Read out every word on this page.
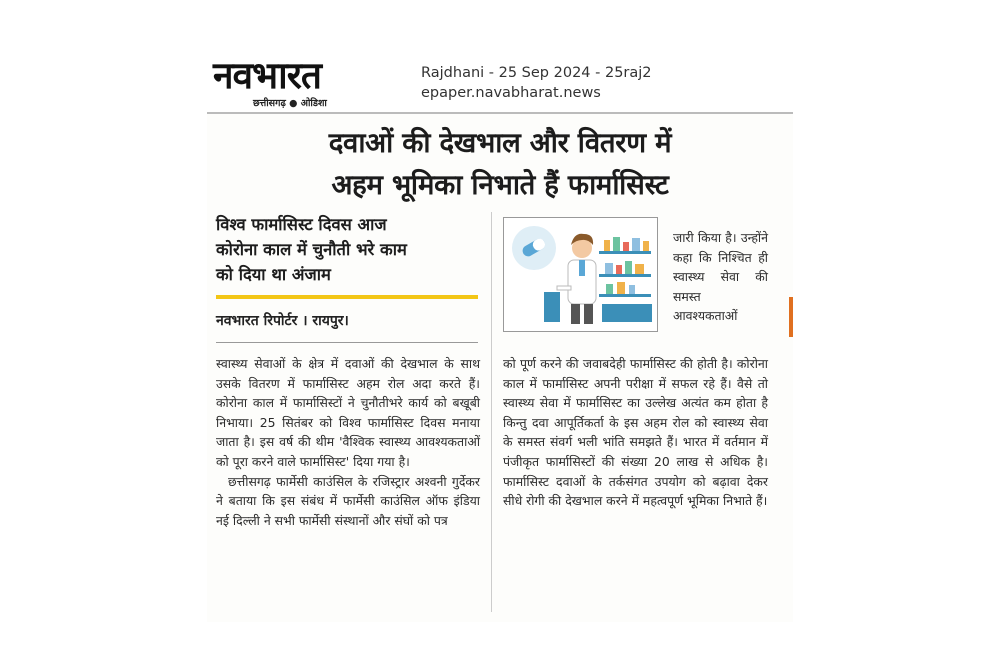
नवभारत
छत्तीसगढ़ ● ओडिशा
Rajdhani - 25 Sep 2024 - 25raj2
epaper.navabharat.news
दवाओं की देखभाल और वितरण में
अहम भूमिका निभाते हैं फार्मासिस्ट
विश्व फार्मासिस्ट दिवस आज
कोरोना काल में चुनौती भरे काम
को दिया था अंजाम
नवभारत रिपोर्टर । रायपुर।

स्वास्थ्य सेवाओं के क्षेत्र में दवाओं की देखभाल के साथ उसके वितरण में फार्मासिस्ट अहम रोल अदा करते हैं। कोरोना काल में फार्मासिस्टों ने चुनौतीभरे कार्य को बखूबी निभाया। 25 सितंबर को विश्व फार्मासिस्ट दिवस मनाया जाता है। इस वर्ष की थीम 'वैश्विक स्वास्थ्य आवश्यकताओं को पूरा करने वाले फार्मासिस्ट' दिया गया है।

छत्तीसगढ़ फार्मेसी काउंसिल के रजिस्ट्रार अश्वनी गुर्देकर ने बताया कि इस संबंध में फार्मेसी काउंसिल ऑफ इंडिया नई दिल्ली ने सभी फार्मेसी संस्थानों और संघों को पत्र

जारी किया है। उन्होंने कहा कि निश्चित ही स्वास्थ्य सेवा की समस्त आवश्यकताओं

को पूर्ण करने की जवाबदेही फार्मासिस्ट की होती है। कोरोना काल में फार्मासिस्ट अपनी परीक्षा में सफल रहे हैं। वैसे तो स्वास्थ्य सेवा में फार्मासिस्ट का उल्लेख अत्यंत कम होता है किन्तु दवा आपूर्तिकर्ता के इस अहम रोल को स्वास्थ्य सेवा के समस्त संवर्ग भली भांति समझते हैं। भारत में वर्तमान में पंजीकृत फार्मासिस्टों की संख्या 20 लाख से अधिक है। फार्मासिस्ट दवाओं के तर्कसंगत उपयोग को बढ़ावा देकर सीधे रोगी की देखभाल करने में महत्वपूर्ण भूमिका निभाते हैं।
